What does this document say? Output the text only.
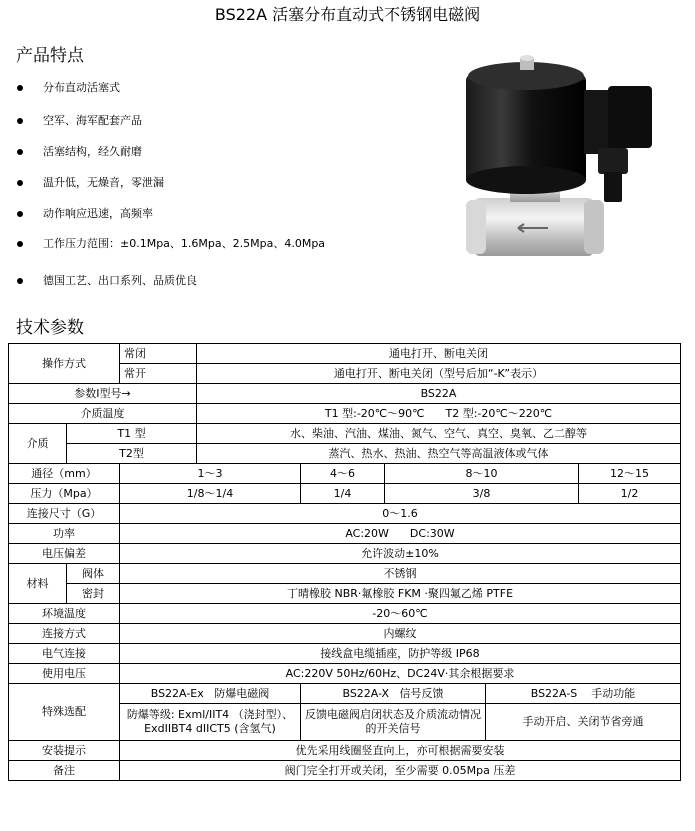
BS22A 活塞分布直动式不锈钢电磁阀
产品特点
分布直动活塞式
空军、海军配套产品
活塞结构，经久耐磨
温升低，无燥音，零泄漏
动作响应迅速，高频率
工作压力范围：±0.1Mpa、1.6Mpa、2.5Mpa、4.0Mpa
德国工艺、出口系列、品质优良
技术参数
操作方式		常闭	通电打开、断电关闭				
		常开	通电打开、断电关闭（型号后加“-K”表示）				
参数Ι型号→			BS22A				
介质温度			T1 型:-20℃～90℃      T2 型:-20℃～220℃				
介质	T1 型		水、柴油、汽油、煤油、氮气、空气、真空、臭氧、乙二醇等				
	T2型		蒸汽、热水、热油、热空气等高温液体或气体				
通径（mm）		1～3		4～6	8～10		12～15
压力（Mpa）		1/8～1/4		1/4	3/8		1/2
连接尺寸（G）		0～1.6					
功率		AC:20W      DC:30W					
电压偏差		允许波动±10%					
材料	阀体	不锈钢					
	密封	丁晴橡胶 NBR·氟橡胶 FKM ·聚四氟乙烯 PTFE					
环境温度		-20～60℃					
连接方式		内螺纹					
电气连接		接线盒电缆插座，防护等级 IP68					
使用电压		AC:220V 50Hz/60Hz、DC24V·其余根据要求					
特殊选配		BS22A-Ex   防爆电磁阀		BS22A-X   信号反馈		BS22A-S    手动功能	
		防爆等级: Exml/IIT4 （浇封型）、ExdIIBT4 dIICT5 (含氢气)		反馈电磁阀启闭状态及介质流动情况的开关信号		手动开启、关闭节省旁通	
安装提示		优先采用线圈竖直向上，亦可根据需要安装					
备注		阀门完全打开或关闭，至少需要 0.05Mpa 压差					
